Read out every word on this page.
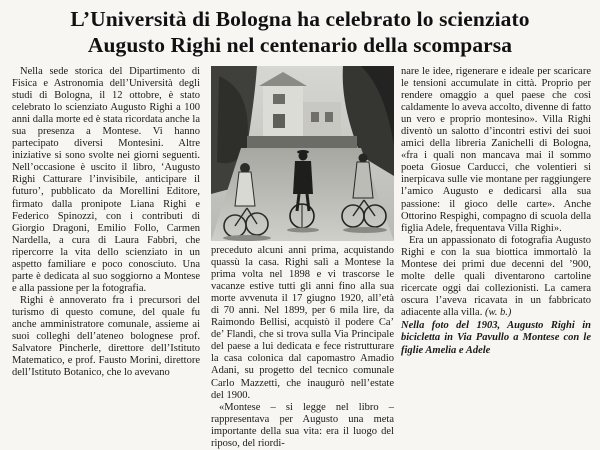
L’Università di Bologna ha celebrato lo scienziato
Augusto Righi nel centenario della scomparsa

Nella sede storica del Dipartimento di Fisica e Astronomia dell’Università degli studi di Bologna, il 12 ottobre, è stato celebrato lo scienziato Augusto Righi a 100 anni dalla morte ed è stata ricordata anche la sua presenza a Montese. Vi hanno partecipato diversi Montesini. Altre iniziative si sono svolte nei giorni seguenti. Nell’occasione è uscito il libro, ‘Augusto Righi Catturare l’invisibile, anticipare il futuro’, pubblicato da Morellini Editore, firmato dalla pronipote Liana Righi e Federico Spinozzi, con i contributi di Giorgio Dragoni, Emilio Follo, Carmen Nardella, a cura di Laura Fabbri, che ripercorre la vita dello scienziato in un aspetto familiare e poco conosciuto. Una parte è dedicata al suo soggiorno a Montese e alla passione per la fotografia.

Righi è annoverato fra i precursori del turismo di questo comune, del quale fu anche amministratore comunale, assieme ai suoi colleghi dell’ateneo bolognese prof. Salvatore Pincherle, direttore dell’Istituto Matematico, e prof. Fausto Morini, direttore dell’Istituto Botanico, che lo avevano

preceduto alcuni anni prima, acquistando quassù la casa. Righi salì a Montese la prima volta nel 1898 e vi trascorse le vacanze estive tutti gli anni fino alla sua morte avvenuta il 17 giugno 1920, all’età di 70 anni. Nel 1899, per 6 mila lire, da Raimondo Bellisi, acquistò il podere Ca’ de’ Flandi, che si trova sulla Via Principale del paese a lui dedicata e fece ristrutturare la casa colonica dal capomastro Amadio Adani, su progetto del tecnico comunale Carlo Mazzetti, che inaugurò nell’estate del 1900.

«Montese – si legge nel libro – rappresentava per Augusto una meta importante della sua vita: era il luogo del riposo, del riordi-

nare le idee, rigenerare e ideale per scaricare le tensioni accumulate in città. Proprio per rendere omaggio a quel paese che così caldamente lo aveva accolto, divenne di fatto un vero e proprio montesino». Villa Righi diventò un salotto d’incontri estivi dei suoi amici della libreria Zanichelli di Bologna, «fra i quali non mancava mai il sommo poeta Giosue Carducci, che volentieri si inerpicava sulle vie montane per raggiungere l’amico Augusto e dedicarsi alla sua passione: il gioco delle carte». Anche Ottorino Respighi, compagno di scuola della figlia Adele, frequentava Villa Righi».

Era un appassionato di fotografia Augusto Righi e con la sua biottica immortalò la Montese dei primi due decenni del ’900, molte delle quali diventarono cartoline ricercate oggi dai collezionisti. La camera oscura l’aveva ricavata in un fabbricato adiacente alla villa. (w. b.)

Nella foto del 1903, Augusto Righi in bicicletta in Via Pavullo a Montese con le figlie Amelia e Adele
